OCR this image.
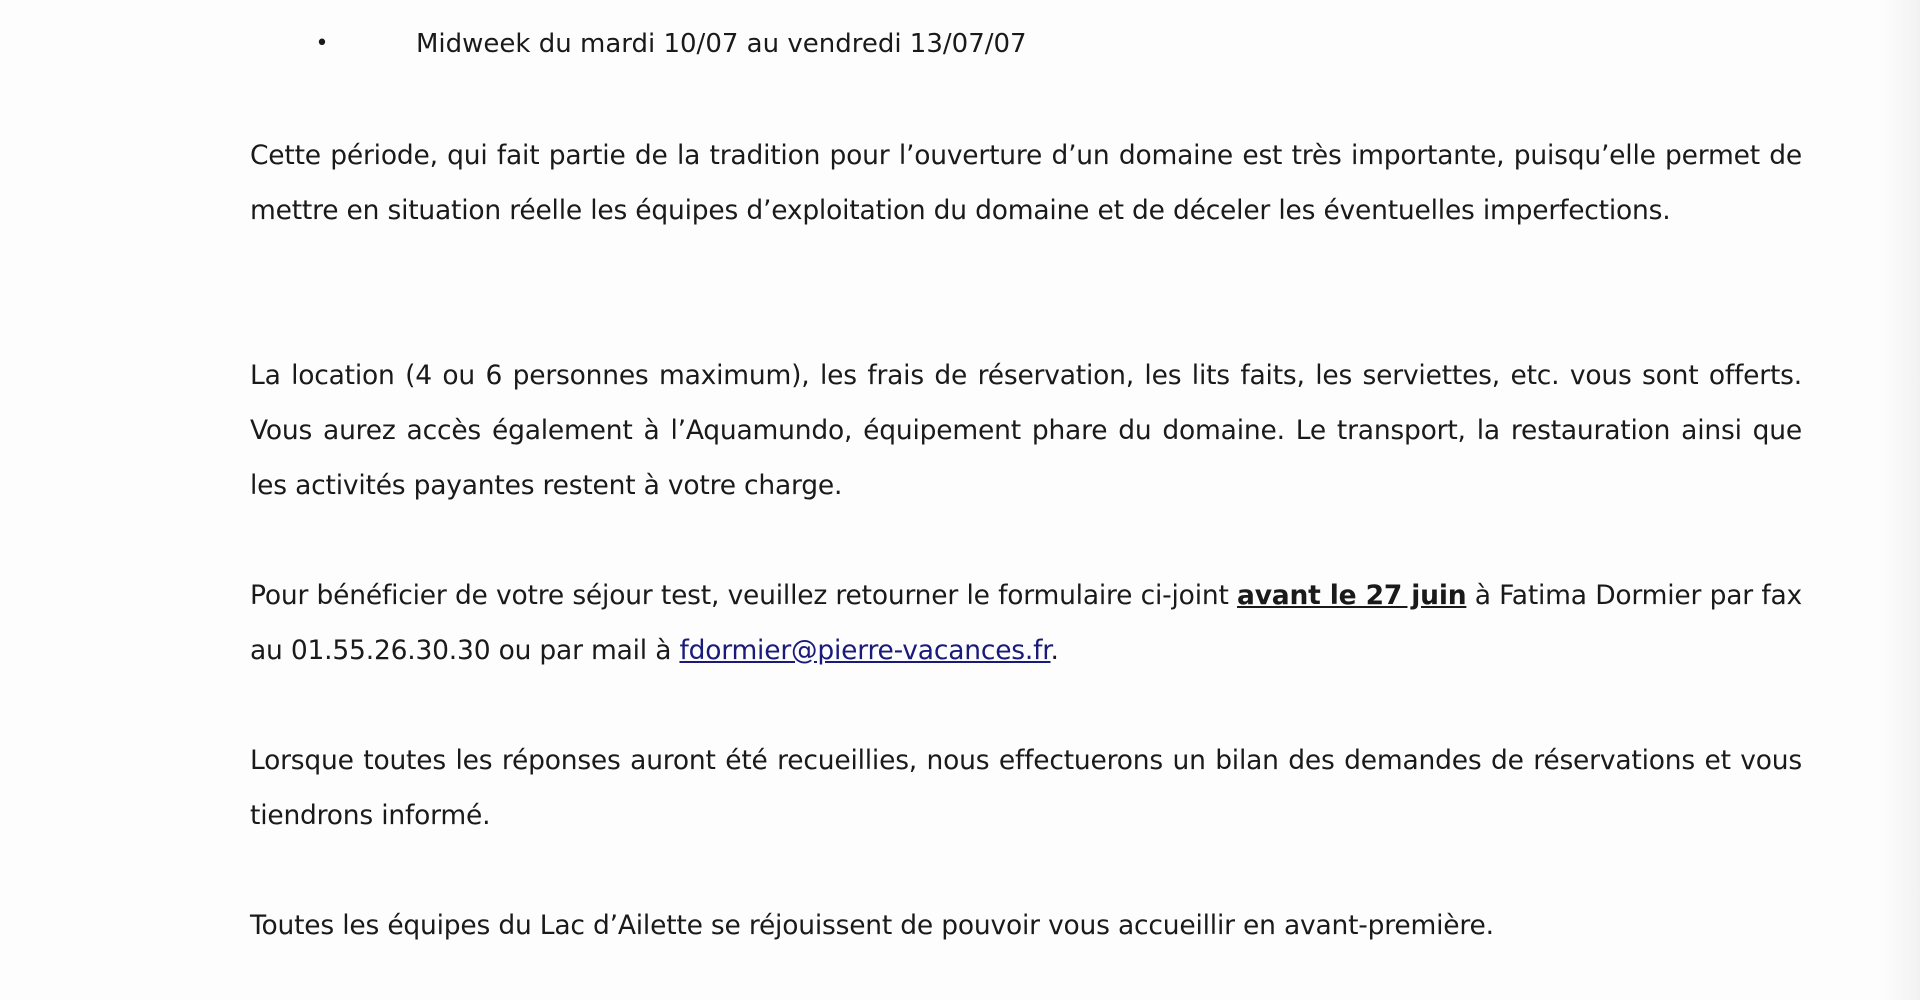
•	Midweek du mardi 10/07 au vendredi 13/07/07

Cette période, qui fait partie de la tradition pour l’ouverture d’un domaine est très importante, puisqu’elle permet de mettre en situation réelle les équipes d’exploitation du domaine et de déceler les éventuelles imperfections.

La location (4 ou 6 personnes maximum), les frais de réservation, les lits faits, les serviettes, etc. vous sont offerts. Vous aurez accès également à l’Aquamundo, équipement phare du domaine. Le transport, la restauration ainsi que les activités payantes restent à votre charge.

Pour bénéficier de votre séjour test, veuillez retourner le formulaire ci-joint avant le 27 juin à Fatima Dormier par fax au 01.55.26.30.30 ou par mail à fdormier@pierre-vacances.fr.

Lorsque toutes les réponses auront été recueillies, nous effectuerons un bilan des demandes de réservations et vous tiendrons informé.

Toutes les équipes du Lac d’Ailette se réjouissent de pouvoir vous accueillir en avant-première.
